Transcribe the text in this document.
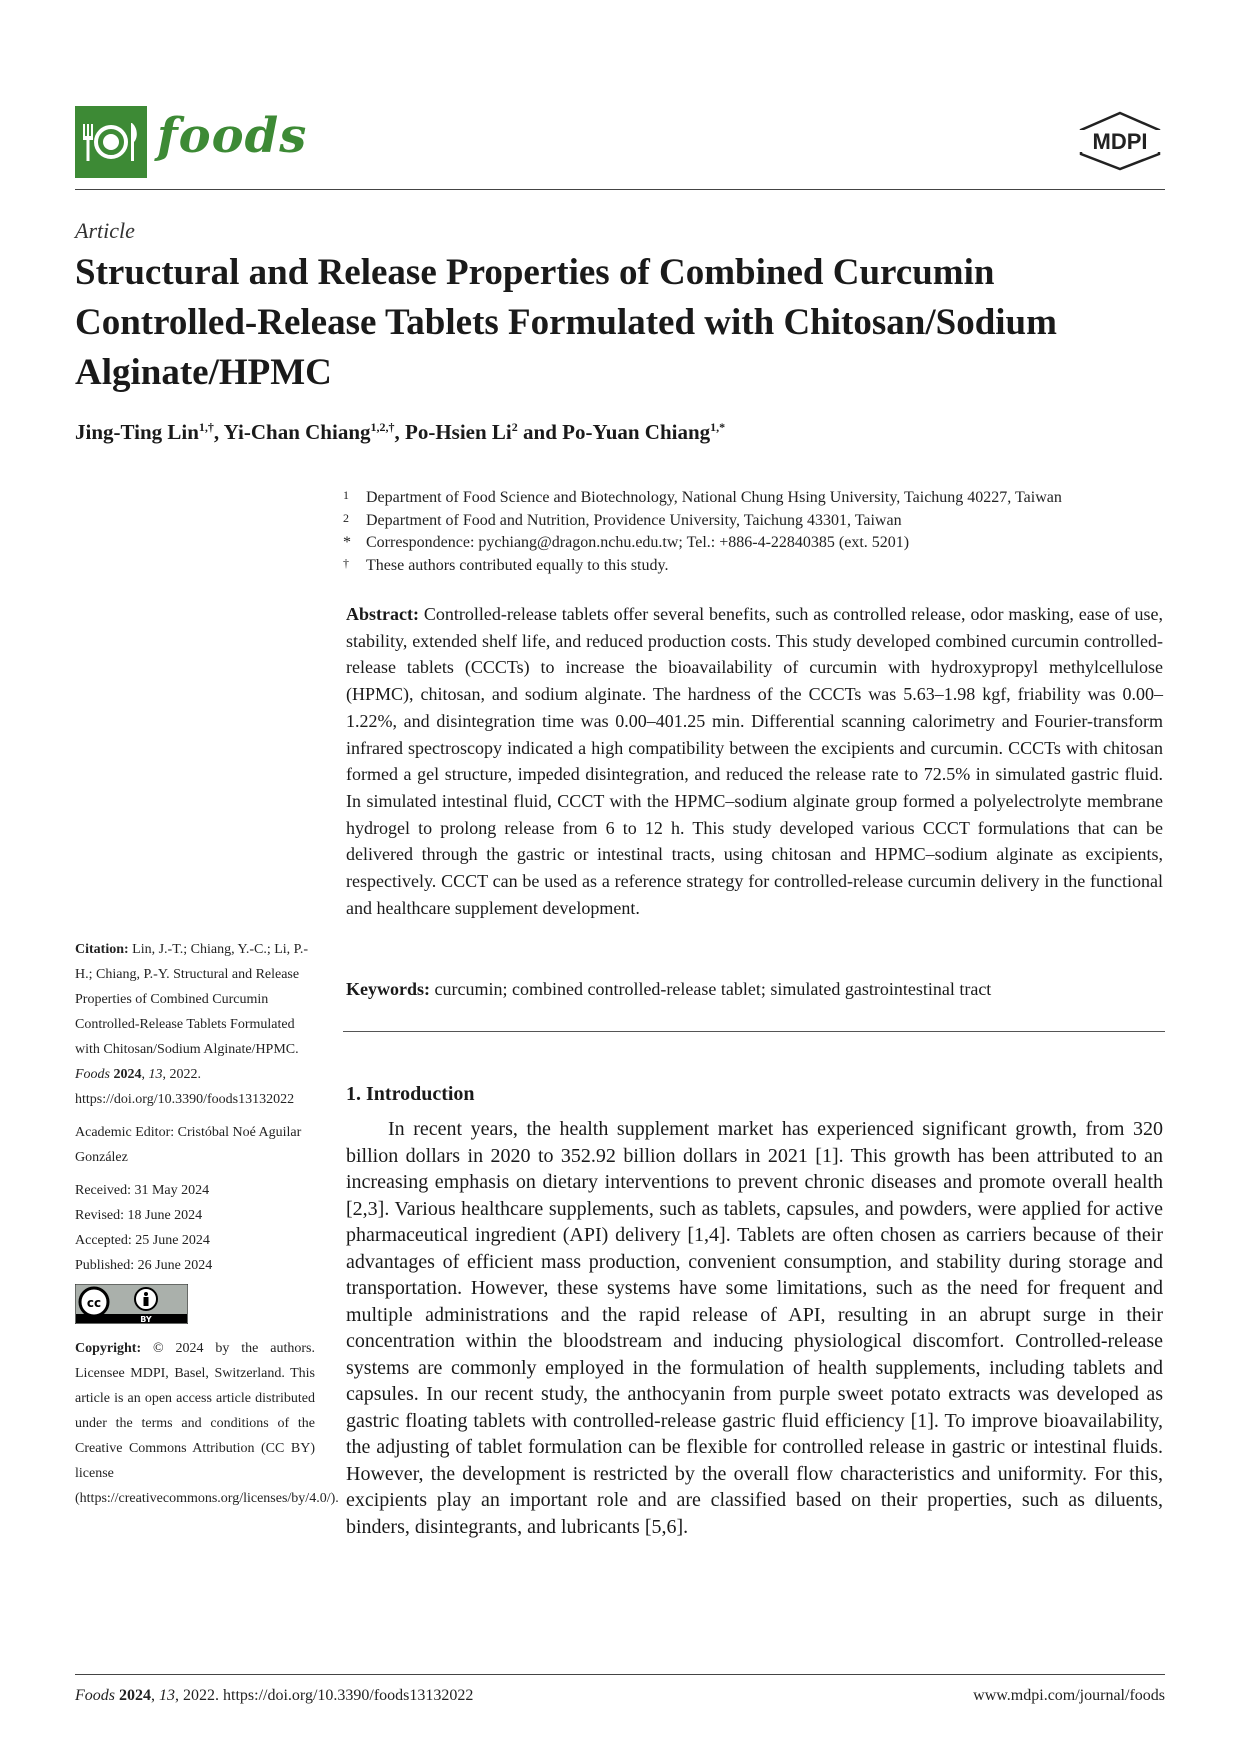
foods	MDPI
Article
Structural and Release Properties of Combined Curcumin Controlled-Release Tablets Formulated with Chitosan/Sodium Alginate/HPMC
Jing-Ting Lin$^{1,\dagger}$, Yi-Chan Chiang$^{1,2,\dagger}$, Po-Hsien Li$^2$ and Po-Yuan Chiang$^{1,*}$
1 Department of Food Science and Biotechnology, National Chung Hsing University, Taichung 40227, Taiwan
2 Department of Food and Nutrition, Providence University, Taichung 43301, Taiwan
* Correspondence: pychiang@dragon.nchu.edu.tw; Tel.: +886-4-22840385 (ext. 5201)
† These authors contributed equally to this study.
Abstract: Controlled-release tablets offer several benefits, such as controlled release, odor masking, ease of use, stability, extended shelf life, and reduced production costs. This study developed combined curcumin controlled-release tablets (CCCTs) to increase the bioavailability of curcumin with hydroxypropyl methylcellulose (HPMC), chitosan, and sodium alginate. The hardness of the CCCTs was 5.63–1.98 kgf, friability was 0.00–1.22%, and disintegration time was 0.00–401.25 min. Differential scanning calorimetry and Fourier-transform infrared spectroscopy indicated a high compatibility between the excipients and curcumin. CCCTs with chitosan formed a gel structure, impeded disintegration, and reduced the release rate to 72.5% in simulated gastric fluid. In simulated intestinal fluid, CCCT with the HPMC–sodium alginate group formed a polyelectrolyte membrane hydrogel to prolong release from 6 to 12 h. This study developed various CCCT formulations that can be delivered through the gastric or intestinal tracts, using chitosan and HPMC–sodium alginate as excipients, respectively. CCCT can be used as a reference strategy for controlled-release curcumin delivery in the functional and healthcare supplement development.
Keywords: curcumin; combined controlled-release tablet; simulated gastrointestinal tract
1. Introduction

In recent years, the health supplement market has experienced significant growth, from 320 billion dollars in 2020 to 352.92 billion dollars in 2021 [1]. This growth has been attributed to an increasing emphasis on dietary interventions to prevent chronic diseases and promote overall health [2,3]. Various healthcare supplements, such as tablets, capsules, and powders, were applied for active pharmaceutical ingredient (API) delivery [1,4]. Tablets are often chosen as carriers because of their advantages of efficient mass production, convenient consumption, and stability during storage and transportation. However, these systems have some limitations, such as the need for frequent and multiple administrations and the rapid release of API, resulting in an abrupt surge in their concentration within the bloodstream and inducing physiological discomfort. Controlled-release systems are commonly employed in the formulation of health supplements, including tablets and capsules. In our recent study, the anthocyanin from purple sweet potato extracts was developed as gastric floating tablets with controlled-release gastric fluid efficiency [1]. To improve bioavailability, the adjusting of tablet formulation can be flexible for controlled release in gastric or intestinal fluids. However, the development is restricted by the overall flow characteristics and uniformity. For this, excipients play an important role and are classified based on their properties, such as diluents, binders, disintegrants, and lubricants [5,6].

Citation: Lin, J.-T.; Chiang, Y.-C.; Li, P.-H.; Chiang, P.-Y. Structural and Release Properties of Combined Curcumin Controlled-Release Tablets Formulated with Chitosan/Sodium Alginate/HPMC. Foods 2024, 13, 2022. https://doi.org/10.3390/foods13132022
Academic Editor: Cristóbal Noé Aguilar González
Received: 31 May 2024
Revised: 18 June 2024
Accepted: 25 June 2024
Published: 26 June 2024
cc
BY
Copyright: © 2024 by the authors. Licensee MDPI, Basel, Switzerland. This article is an open access article distributed under the terms and conditions of the Creative Commons Attribution (CC BY) license (https://creativecommons.org/licenses/by/4.0/).
Foods 2024, 13, 2022. https://doi.org/10.3390/foods13132022	www.mdpi.com/journal/foods
